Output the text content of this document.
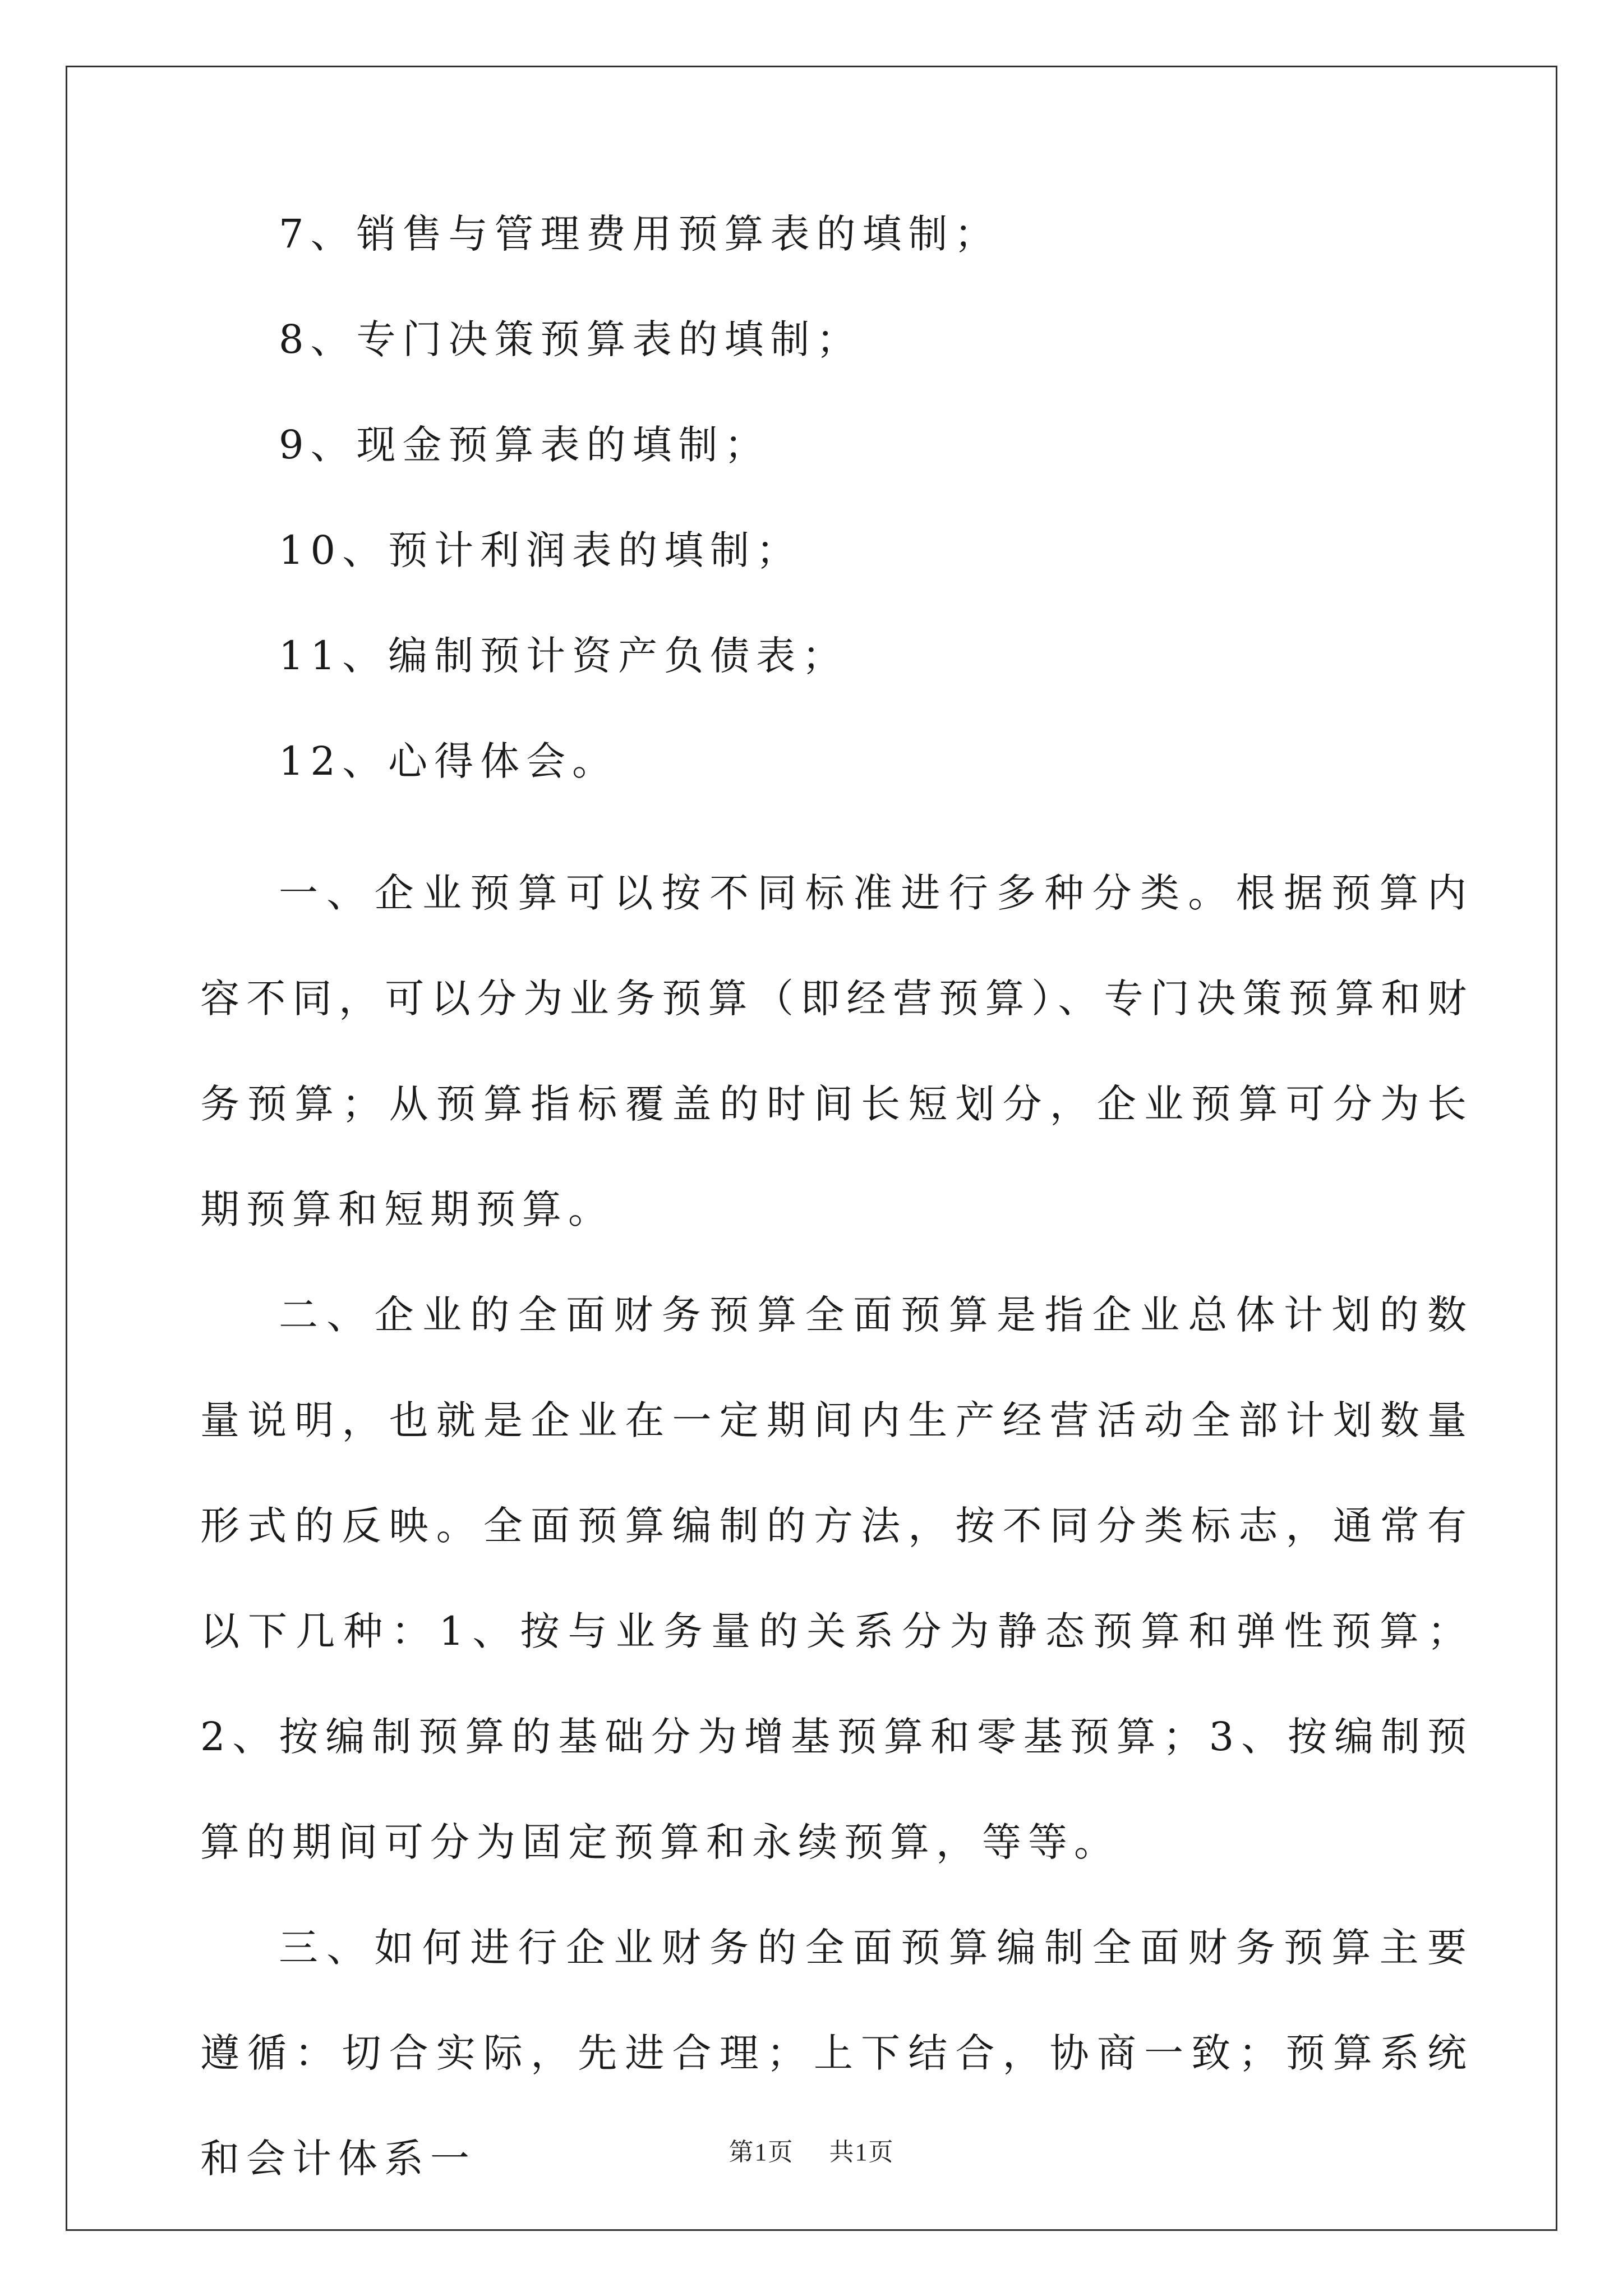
7、销售与管理费用预算表的填制；
8、专门决策预算表的填制；
9、现金预算表的填制；
10、预计利润表的填制；
11、编制预计资产负债表；
12、心得体会。

一、企业预算可以按不同标准进行多种分类。根据预算内容不同，可以分为业务预算（即经营预算）、专门决策预算和财务预算；从预算指标覆盖的时间长短划分，企业预算可分为长期预算和短期预算。

二、企业的全面财务预算全面预算是指企业总体计划的数量说明，也就是企业在一定期间内生产经营活动全部计划数量形式的反映。全面预算编制的方法，按不同分类标志，通常有以下几种：1、按与业务量的关系分为静态预算和弹性预算；2、按编制预算的基础分为增基预算和零基预算；3、按编制预算的期间可分为固定预算和永续预算，等等。

三、如何进行企业财务的全面预算编制全面财务预算主要遵循：切合实际，先进合理；上下结合，协商一致；预算系统和会计体系一	第1页 共1页
